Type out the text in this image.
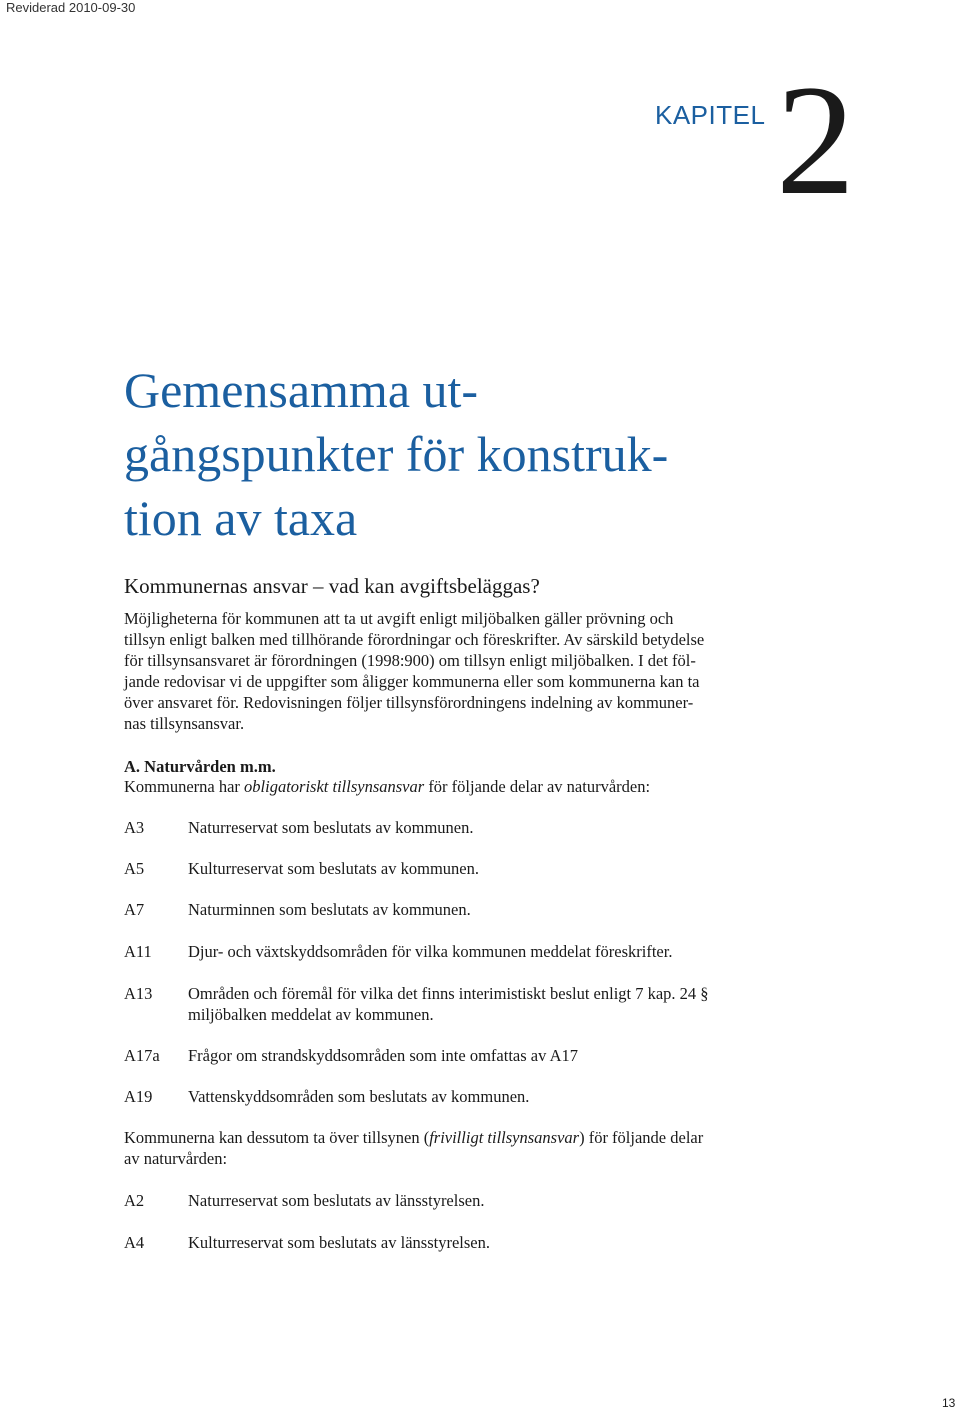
Reviderad 2010-09-30
KAPITEL 2
Gemensamma ut-
gångspunkter för konstruk-
tion av taxa
Kommunernas ansvar – vad kan avgiftsbeläggas?

Möjligheterna för kommunen att ta ut avgift enligt miljöbalken gäller prövning och
tillsyn enligt balken med tillhörande förordningar och föreskrifter. Av särskild betydelse
för tillsynsansvaret är förordningen (1998:900) om tillsyn enligt miljöbalken. I det föl-
jande redovisar vi de uppgifter som åligger kommunerna eller som kommunerna kan ta
över ansvaret för. Redovisningen följer tillsynsförordningens indelning av kommuner-
nas tillsynsansvar.

A. Naturvården m.m.

Kommunerna har obligatoriskt tillsynsansvar för följande delar av naturvården:

A3	Naturreservat som beslutats av kommunen.
A5	Kulturreservat som beslutats av kommunen.
A7	Naturminnen som beslutats av kommunen.
A11 Djur- och växtskyddsområden för vilka kommunen meddelat föreskrifter.
A13 Områden och föremål för vilka det finns interimistiskt beslut enligt 7 kap. 24 §
miljöbalken meddelat av kommunen.
A17a Frågor om strandskyddsområden som inte omfattas av A17
A19 Vattenskyddsområden som beslutats av kommunen.

Kommunerna kan dessutom ta över tillsynen (frivilligt tillsynsansvar) för följande delar
av naturvården:

A2	Naturreservat som beslutats av länsstyrelsen.
A4	Kulturreservat som beslutats av länsstyrelsen.
13
